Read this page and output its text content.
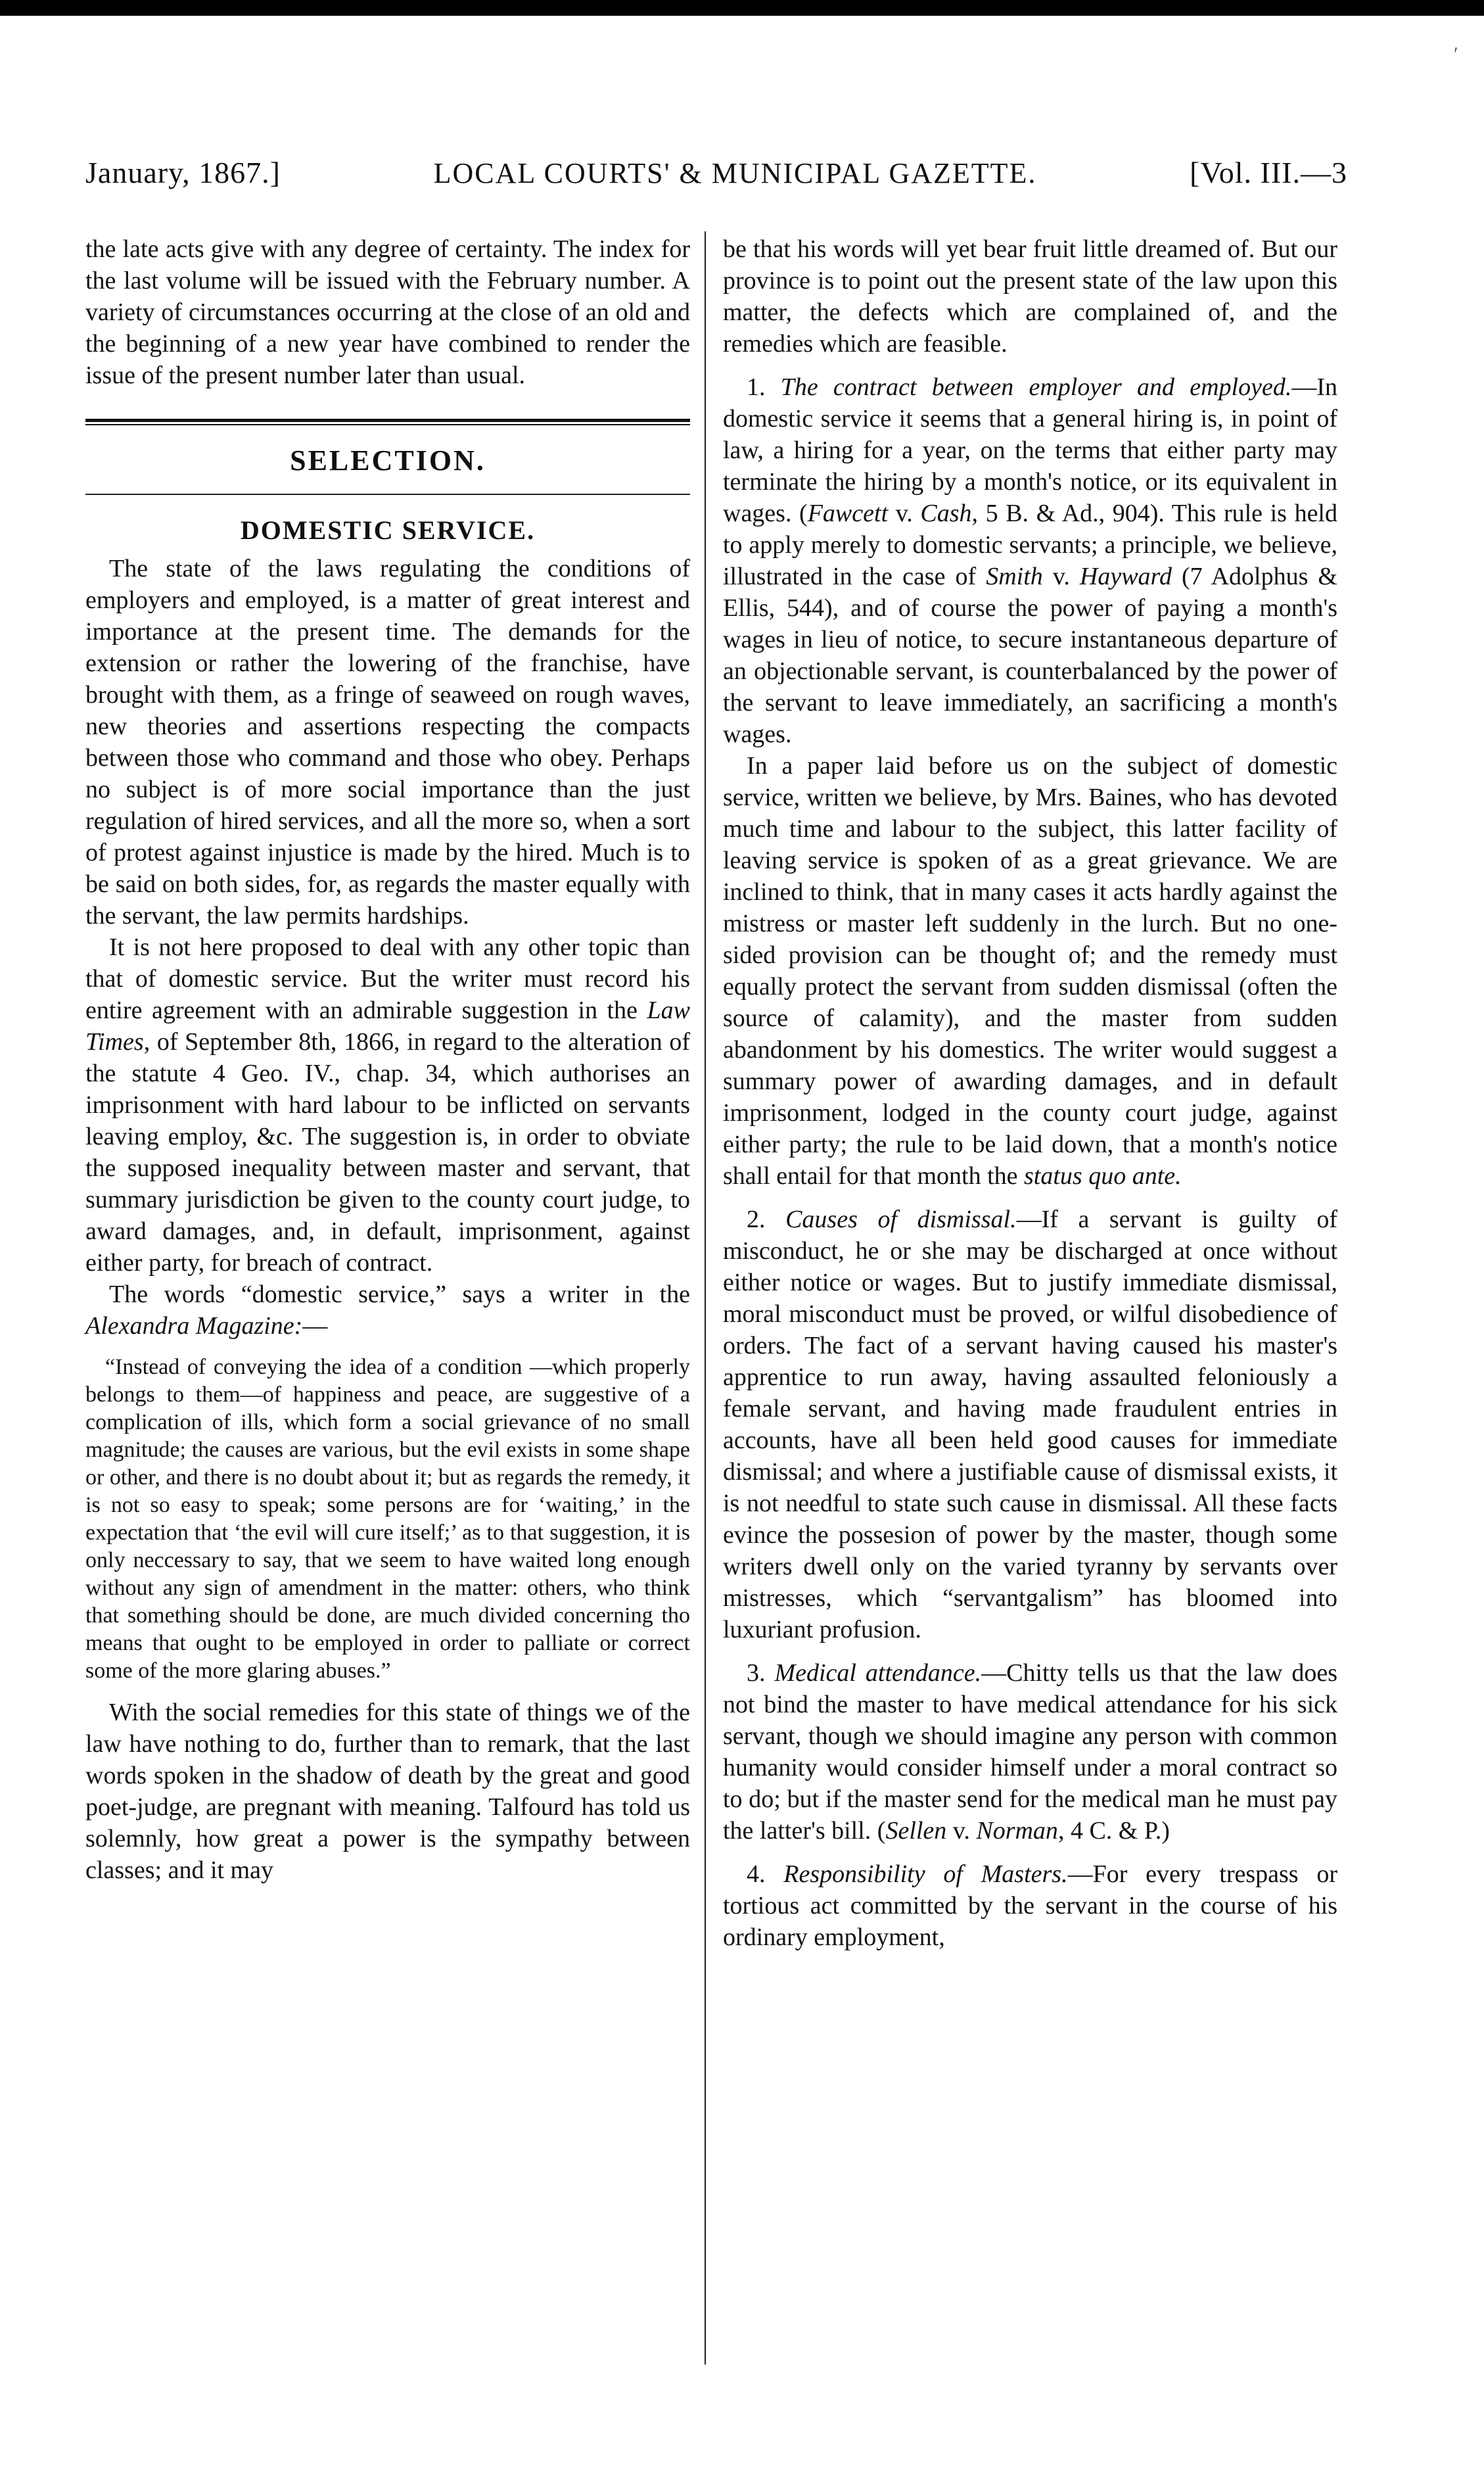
′
January, 1867.]	LOCAL COURTS' & MUNICIPAL GAZETTE.	[Vol. III.—3

the late acts give with any degree of certainty. The index for the last volume will be issued with the February number. A variety of circumstances occurring at the close of an old and the beginning of a new year have combined to render the issue of the present number later than usual.

SELECTION.
DOMESTIC SERVICE.

The state of the laws regulating the conditions of employers and employed, is a matter of great interest and importance at the present time. The demands for the extension or rather the lowering of the franchise, have brought with them, as a fringe of seaweed on rough waves, new theories and assertions respecting the compacts between those who command and those who obey. Perhaps no subject is of more social importance than the just regulation of hired services, and all the more so, when a sort of protest against injustice is made by the hired. Much is to be said on both sides, for, as regards the master equally with the servant, the law permits hardships.

It is not here proposed to deal with any other topic than that of domestic service. But the writer must record his entire agreement with an admirable suggestion in the Law Times, of September 8th, 1866, in regard to the alteration of the statute 4 Geo. IV., chap. 34, which authorises an imprisonment with hard labour to be inflicted on servants leaving employ, &c. The suggestion is, in order to obviate the supposed inequality between master and servant, that summary jurisdiction be given to the county court judge, to award damages, and, in default, imprisonment, against either party, for breach of contract.

The words “domestic service,” says a writer in the Alexandra Magazine:—

“Instead of conveying the idea of a condition —which properly belongs to them—of happiness and peace, are suggestive of a complication of ills, which form a social grievance of no small magnitude; the causes are various, but the evil exists in some shape or other, and there is no doubt about it; but as regards the remedy, it is not so easy to speak; some persons are for ‘waiting,’ in the expectation that ‘the evil will cure itself;’ as to that suggestion, it is only neccessary to say, that we seem to have waited long enough without any sign of amendment in the matter: others, who think that something should be done, are much divided concerning tho means that ought to be employed in order to palliate or correct some of the more glaring abuses.”

With the social remedies for this state of things we of the law have nothing to do, further than to remark, that the last words spoken in the shadow of death by the great and good poet-judge, are pregnant with meaning. Talfourd has told us solemnly, how great a power is the sympathy between classes; and it may

be that his words will yet bear fruit little dreamed of. But our province is to point out the present state of the law upon this matter, the defects which are complained of, and the remedies which are feasible.

1. The contract between employer and employed.—In domestic service it seems that a general hiring is, in point of law, a hiring for a year, on the terms that either party may terminate the hiring by a month's notice, or its equivalent in wages. (Fawcett v. Cash, 5 B. & Ad., 904). This rule is held to apply merely to domestic servants; a principle, we believe, illustrated in the case of Smith v. Hayward (7 Adolphus & Ellis, 544), and of course the power of paying a month's wages in lieu of notice, to secure instantaneous departure of an objectionable servant, is counterbalanced by the power of the servant to leave immediately, an sacrificing a month's wages.

In a paper laid before us on the subject of domestic service, written we believe, by Mrs. Baines, who has devoted much time and labour to the subject, this latter facility of leaving service is spoken of as a great grievance. We are inclined to think, that in many cases it acts hardly against the mistress or master left suddenly in the lurch. But no one-sided provision can be thought of; and the remedy must equally protect the servant from sudden dismissal (often the source of calamity), and the master from sudden abandonment by his domestics. The writer would suggest a summary power of awarding damages, and in default imprisonment, lodged in the county court judge, against either party; the rule to be laid down, that a month's notice shall entail for that month the status quo ante.

2. Causes of dismissal.—If a servant is guilty of misconduct, he or she may be discharged at once without either notice or wages. But to justify immediate dismissal, moral misconduct must be proved, or wilful disobedience of orders. The fact of a servant having caused his master's apprentice to run away, having assaulted feloniously a female servant, and having made fraudulent entries in accounts, have all been held good causes for immediate dismissal; and where a justifiable cause of dismissal exists, it is not needful to state such cause in dismissal. All these facts evince the possesion of power by the master, though some writers dwell only on the varied tyranny by servants over mistresses, which “servantgalism” has bloomed into luxuriant profusion.

3. Medical attendance.—Chitty tells us that the law does not bind the master to have medical attendance for his sick servant, though we should imagine any person with common humanity would consider himself under a moral contract so to do; but if the master send for the medical man he must pay the latter's bill. (Sellen v. Norman, 4 C. & P.)

4. Responsibility of Masters.—For every trespass or tortious act committed by the servant in the course of his ordinary employment,
